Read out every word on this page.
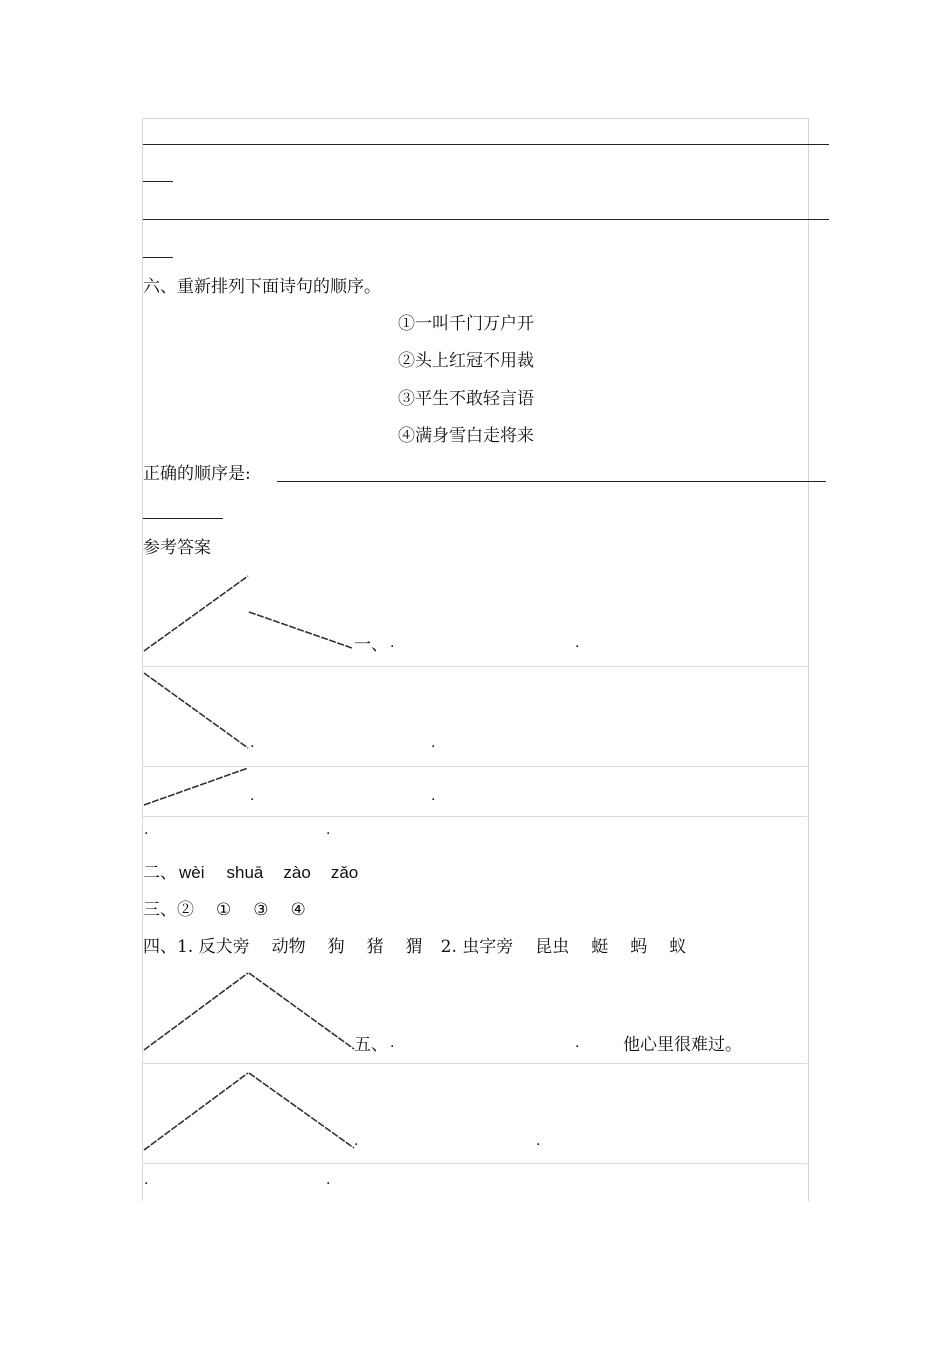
六、重新排列下面诗句的顺序。
①一叫千门万户开
②头上红冠不用裁
③平生不敢轻言语
④满身雪白走将来
正确的顺序是:
参考答案
一、 ·	·
·	·
·	·
·	·
二、 wèi shuā zào zǎo
三、② ① ③ ④
四、1. 反犬旁 动物 狗 猪 猬 2. 虫字旁 昆虫 蜓 蚂 蚁
五、 ·	·	他心里很难过。
·	·
·	·
